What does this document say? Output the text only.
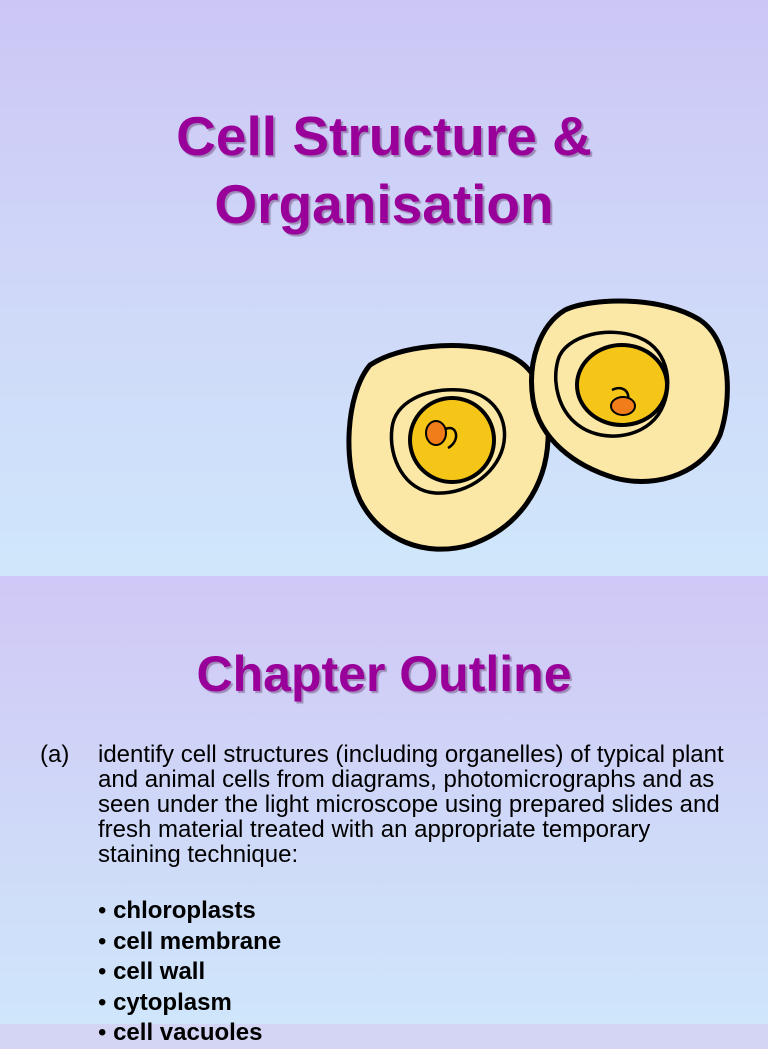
Cell Structure &
Organisation
Chapter Outline
(a) identify cell structures (including organelles) of typical plant and animal cells from diagrams, photomicrographs and as seen under the light microscope using prepared slides and fresh material treated with an appropriate temporary staining technique:
• chloroplasts
• cell membrane
• cell wall
• cytoplasm
• cell vacuoles
